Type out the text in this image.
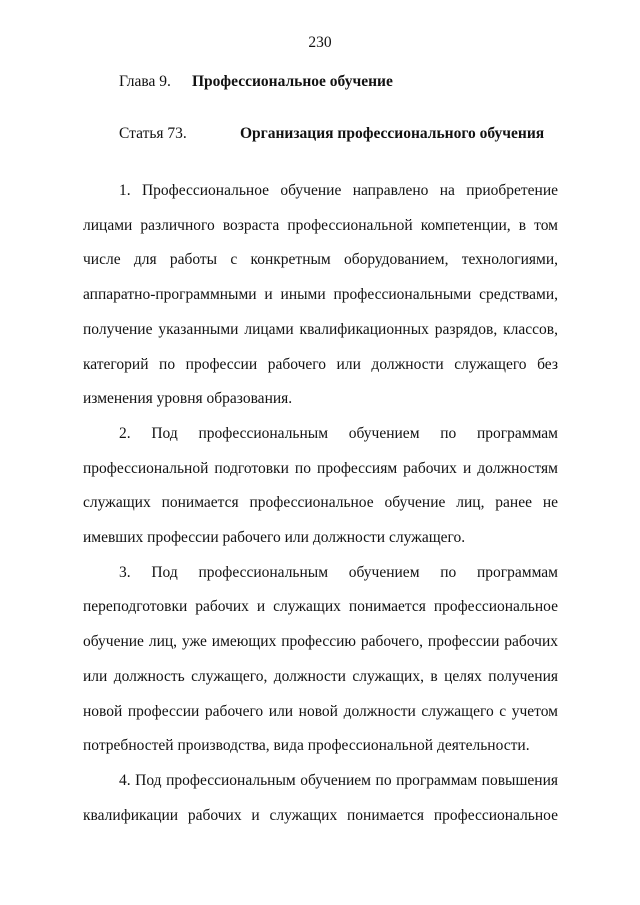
230
Глава 9. Профессиональное обучение
Статья 73.	Организация профессионального обучения

1. Профессиональное обучение направлено на приобретение лицами различного возраста профессиональной компетенции, в том числе для работы с конкретным оборудованием, технологиями, аппаратно-программными и иными профессиональными средствами, получение указанными лицами квалификационных разрядов, классов, категорий по профессии рабочего или должности служащего без изменения уровня образования.

2. Под профессиональным обучением по программам профессиональной подготовки по профессиям рабочих и должностям служащих понимается профессиональное обучение лиц, ранее не имевших профессии рабочего или должности служащего.

3. Под профессиональным обучением по программам переподготовки рабочих и служащих понимается профессиональное обучение лиц, уже имеющих профессию рабочего, профессии рабочих или должность служащего, должности служащих, в целях получения новой профессии рабочего или новой должности служащего с учетом потребностей производства, вида профессиональной деятельности.

4. Под профессиональным обучением по программам повышения квалификации рабочих и служащих понимается профессиональное
